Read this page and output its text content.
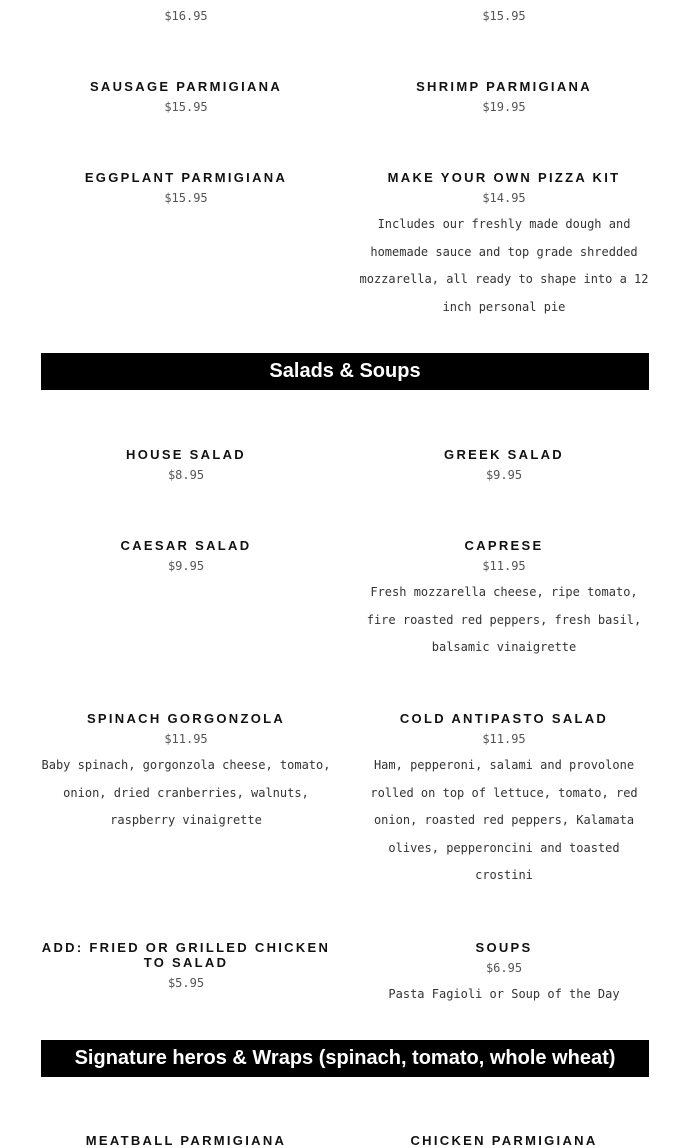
$16.95	$15.95
SAUSAGE PARMIGIANA
$15.95
SHRIMP PARMIGIANA
$19.95
EGGPLANT PARMIGIANA
$15.95
MAKE YOUR OWN PIZZA KIT
$14.95
Includes our freshly made dough and homemade sauce and top grade shredded mozzarella, all ready to shape into a 12 inch personal pie
Salads & Soups
HOUSE SALAD
$8.95
GREEK SALAD
$9.95
CAESAR SALAD
$9.95
CAPRESE
$11.95
Fresh mozzarella cheese, ripe tomato, fire roasted red peppers, fresh basil, balsamic vinaigrette
SPINACH GORGONZOLA
$11.95
Baby spinach, gorgonzola cheese, tomato, onion, dried cranberries, walnuts, raspberry vinaigrette
COLD ANTIPASTO SALAD
$11.95
Ham, pepperoni, salami and provolone rolled on top of lettuce, tomato, red onion, roasted red peppers, Kalamata olives, pepperoncini and toasted crostini
ADD: FRIED OR GRILLED CHICKEN TO SALAD
$5.95
SOUPS
$6.95
Pasta Fagioli or Soup of the Day
Signature heros & Wraps (spinach, tomato, whole wheat)
MEATBALL PARMIGIANA	CHICKEN PARMIGIANA
